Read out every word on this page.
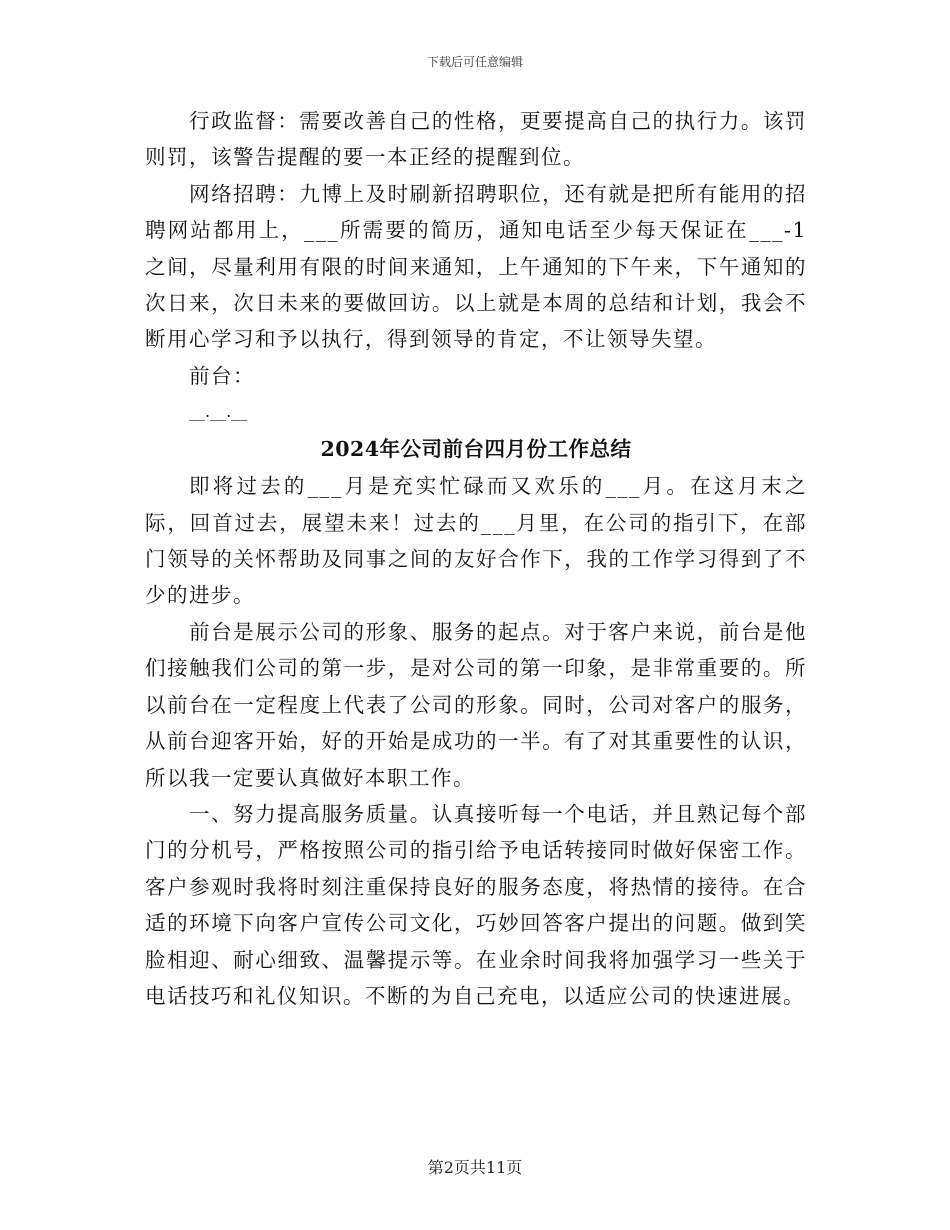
下载后可任意编辑

行政监督：需要改善自己的性格，更要提高自己的执行力。该罚则罚，该警告提醒的要一本正经的提醒到位。

网络招聘：九博上及时刷新招聘职位，还有就是把所有能用的招聘网站都用上，___所需要的简历，通知电话至少每天保证在___-1之间，尽量利用有限的时间来通知，上午通知的下午来，下午通知的次日来，次日未来的要做回访。以上就是本周的总结和计划，我会不断用心学习和予以执行，得到领导的肯定，不让领导失望。

前台：

__.__.__

2024年公司前台四月份工作总结

即将过去的___月是充实忙碌而又欢乐的___月。在这月末之际，回首过去，展望未来！过去的___月里，在公司的指引下，在部门领导的关怀帮助及同事之间的友好合作下，我的工作学习得到了不少的进步。

前台是展示公司的形象、服务的起点。对于客户来说，前台是他们接触我们公司的第一步，是对公司的第一印象，是非常重要的。所以前台在一定程度上代表了公司的形象。同时，公司对客户的服务，从前台迎客开始，好的开始是成功的一半。有了对其重要性的认识，所以我一定要认真做好本职工作。

一、努力提高服务质量。认真接听每一个电话，并且熟记每个部门的分机号，严格按照公司的指引给予电话转接同时做好保密工作。客户参观时我将时刻注重保持良好的服务态度，将热情的接待。在合适的环境下向客户宣传公司文化，巧妙回答客户提出的问题。做到笑脸相迎、耐心细致、温馨提示等。在业余时间我将加强学习一些关于电话技巧和礼仪知识。不断的为自己充电，以适应公司的快速进展。

第2页共11页
